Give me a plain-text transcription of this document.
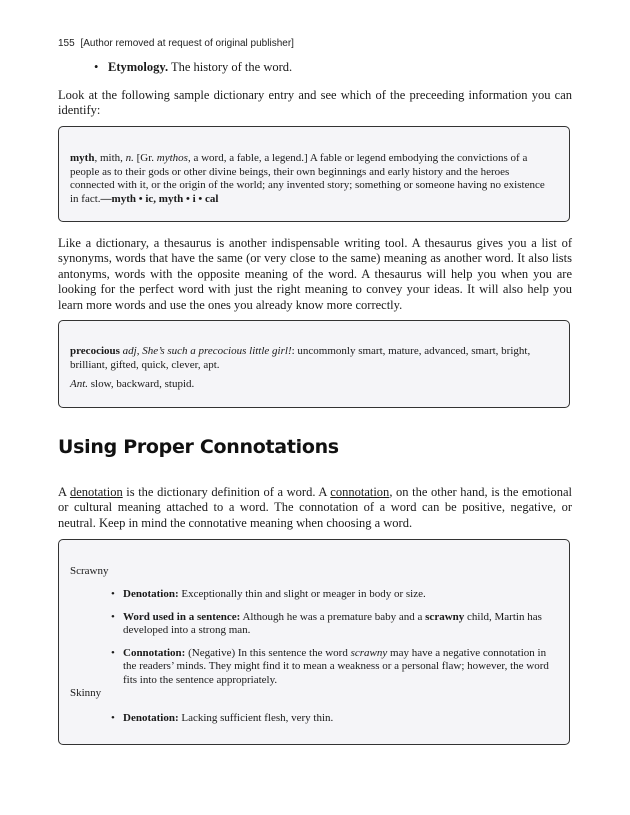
155 [Author removed at request of original publisher]
• Etymology. The history of the word.

Look at the following sample dictionary entry and see which of the preceeding information you can identify:

myth, mith, n. [Gr. mythos, a word, a fable, a legend.] A fable or legend embodying the convictions of a people as to their gods or other divine beings, their own beginnings and early history and the heroes connected with it, or the origin of the world; any invented story; something or someone having no existence in fact.—myth • ic, myth • i • cal

Like a dictionary, a thesaurus is another indispensable writing tool. A thesaurus gives you a list of synonyms, words that have the same (or very close to the same) meaning as another word. It also lists antonyms, words with the opposite meaning of the word. A thesaurus will help you when you are looking for the perfect word with just the right meaning to convey your ideas. It will also help you learn more words and use the ones you already know more correctly.

precocious adj, She’s such a precocious little girl!: uncommonly smart, mature, advanced, smart, bright, brilliant, gifted, quick, clever, apt.
Ant. slow, backward, stupid.
Using Proper Connotations

A denotation is the dictionary definition of a word. A connotation, on the other hand, is the emotional or cultural meaning attached to a word. The connotation of a word can be positive, negative, or neutral. Keep in mind the connotative meaning when choosing a word.

Scrawny
• Denotation: Exceptionally thin and slight or meager in body or size.
• Word used in a sentence: Although he was a premature baby and a scrawny child, Martin has developed into a strong man.
• Connotation: (Negative) In this sentence the word scrawny may have a negative connotation in the readers’ minds. They might find it to mean a weakness or a personal flaw; however, the word fits into the sentence appropriately.
Skinny
• Denotation: Lacking sufficient flesh, very thin.
